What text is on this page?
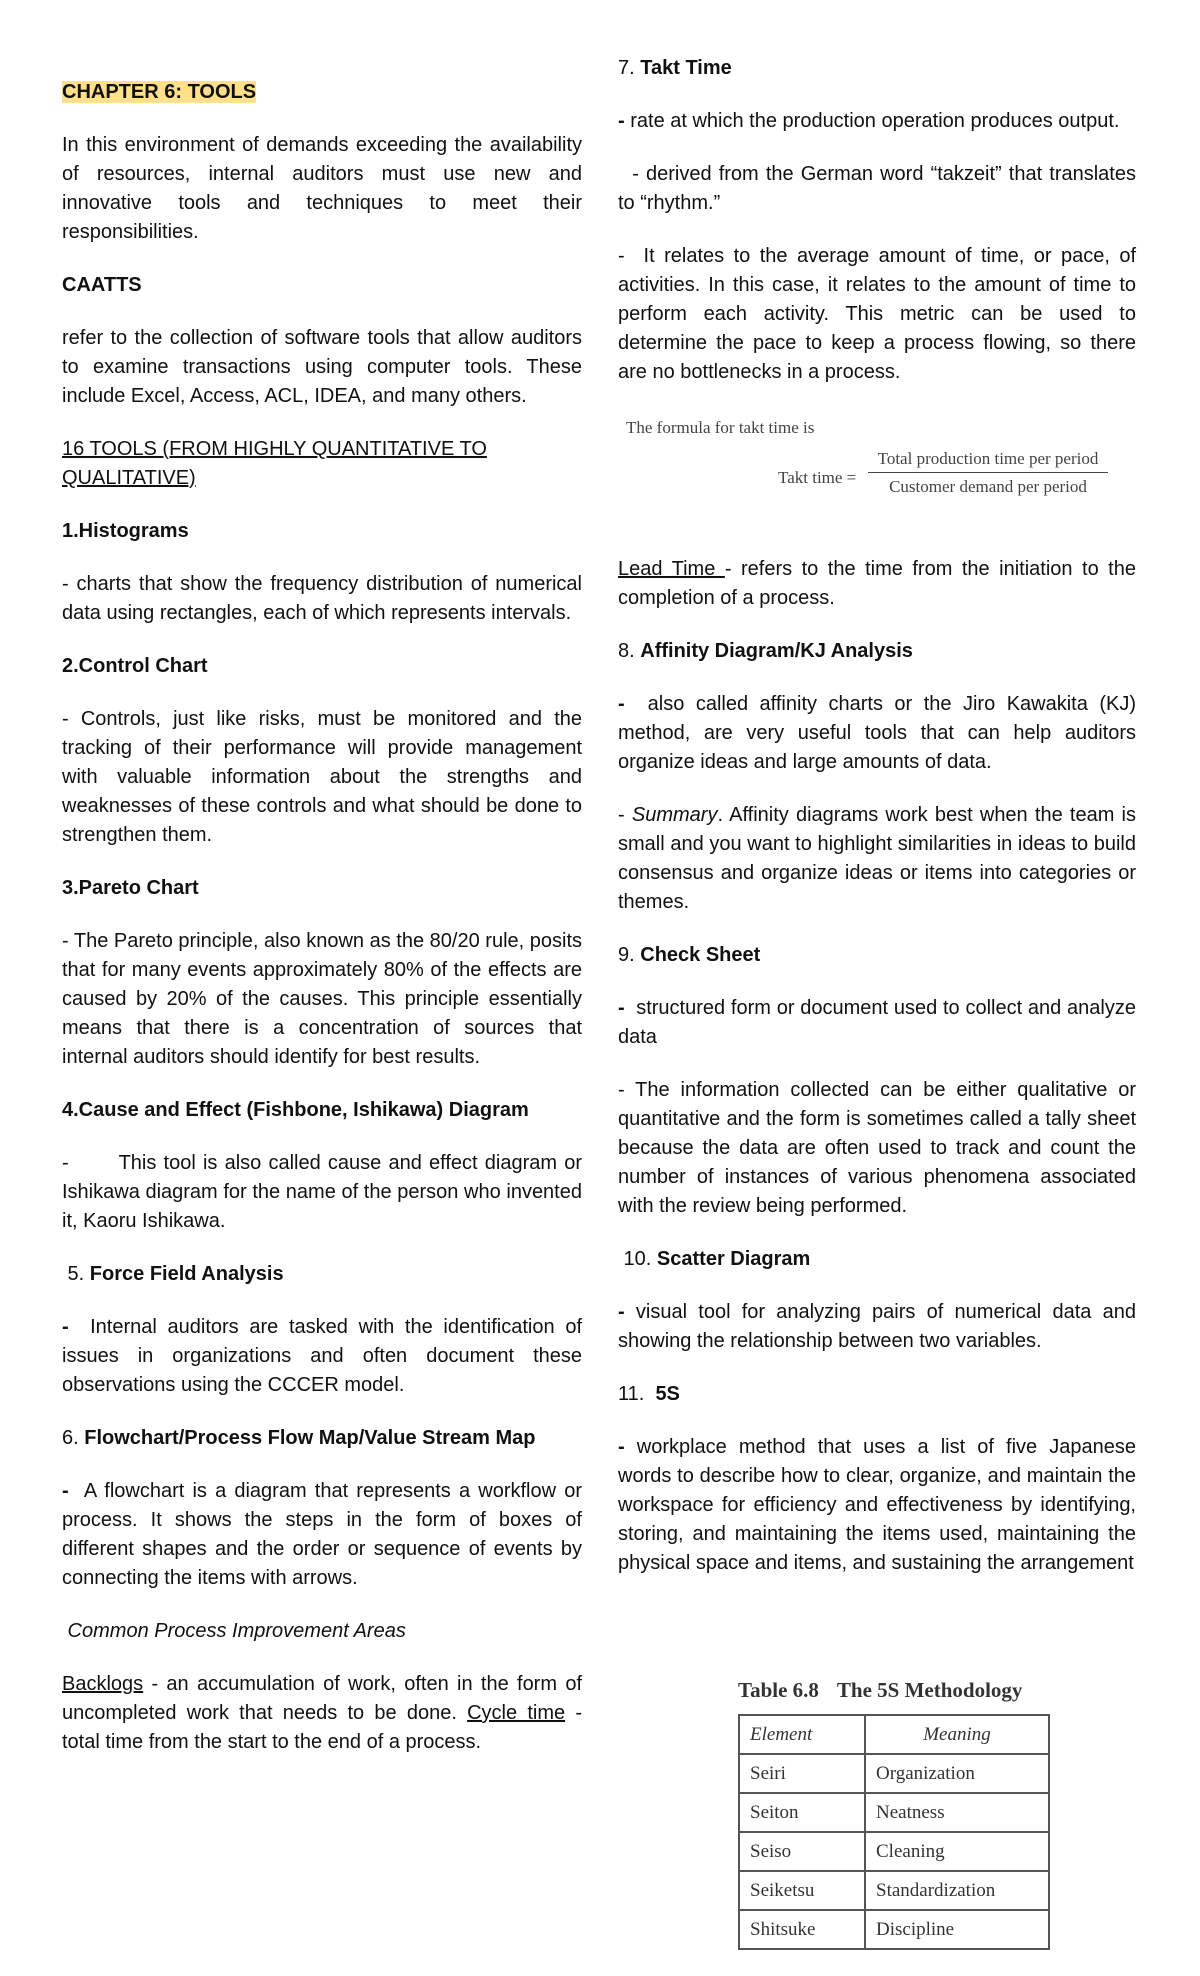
CHAPTER 6: TOOLS

In this environment of demands exceeding the availability of resources, internal auditors must use new and innovative tools and techniques to meet their responsibilities.

CAATTS

refer to the collection of software tools that allow auditors to examine transactions using computer tools. These include Excel, Access, ACL, IDEA, and many others.

16 TOOLS (FROM HIGHLY QUANTITATIVE TO QUALITATIVE)

1.Histograms

- charts that show the frequency distribution of numerical data using rectangles, each of which represents intervals.

2.Control Chart

- Controls, just like risks, must be monitored and the tracking of their performance will provide management with valuable information about the strengths and weaknesses of these controls and what should be done to strengthen them.

3.Pareto Chart

- The Pareto principle, also known as the 80/20 rule, posits that for many events approximately 80% of the effects are caused by 20% of the causes. This principle essentially means that there is a concentration of sources that internal auditors should identify for best results.

4.Cause and Effect (Fishbone, Ishikawa) Diagram

-       This tool is also called cause and effect diagram or Ishikawa diagram for the name of the person who invented it, Kaoru Ishikawa.

5. Force Field Analysis

-  Internal auditors are tasked with the identification of issues in organizations and often document these observations using the CCCER model.

6. Flowchart/Process Flow Map/Value Stream Map

-  A flowchart is a diagram that represents a workflow or process. It shows the steps in the form of boxes of different shapes and the order or sequence of events by connecting the items with arrows.

Common Process Improvement Areas

Backlogs - an accumulation of work, often in the form of uncompleted work that needs to be done. Cycle time -  total time from the start to the end of a process.

7. Takt Time

- rate at which the production operation produces output.

- derived from the German word “takzeit” that translates to “rhythm.”

-  It relates to the average amount of time, or pace, of activities. In this case, it relates to the amount of time to perform each activity. This metric can be used to determine the pace to keep a process flowing, so there are no bottlenecks in a process.

The formula for takt time is
Takt time =
Total production time per period
Customer demand per period

Lead Time - refers to the time from the initiation to the completion of a process.

8. Affinity Diagram/KJ Analysis

-  also called affinity charts or the Jiro Kawakita (KJ) method, are very useful tools that can help auditors organize ideas and large amounts of data.

- Summary. Affinity diagrams work best when the team is small and you want to highlight similarities in ideas to build consensus and organize ideas or items into categories or themes.

9. Check Sheet

-  structured form or document used to collect and analyze data

- The information collected can be either qualitative or quantitative and the form is sometimes called a tally sheet because the data are often used to track and count the number of instances of various phenomena associated with the review being performed.

10. Scatter Diagram

- visual tool for analyzing pairs of numerical data and showing the relationship between two variables.

11.  5S

- workplace method that uses a list of five Japanese words to describe how to clear, organize, and maintain the workspace for efficiency and effectiveness by identifying, storing, and maintaining the items used, maintaining the physical space and items, and sustaining the arrangement

Table 6.8 The 5S Methodology
Element	Meaning
Seiri	Organization
Seiton	Neatness
Seiso	Cleaning
Seiketsu	Standardization
Shitsuke	Discipline
